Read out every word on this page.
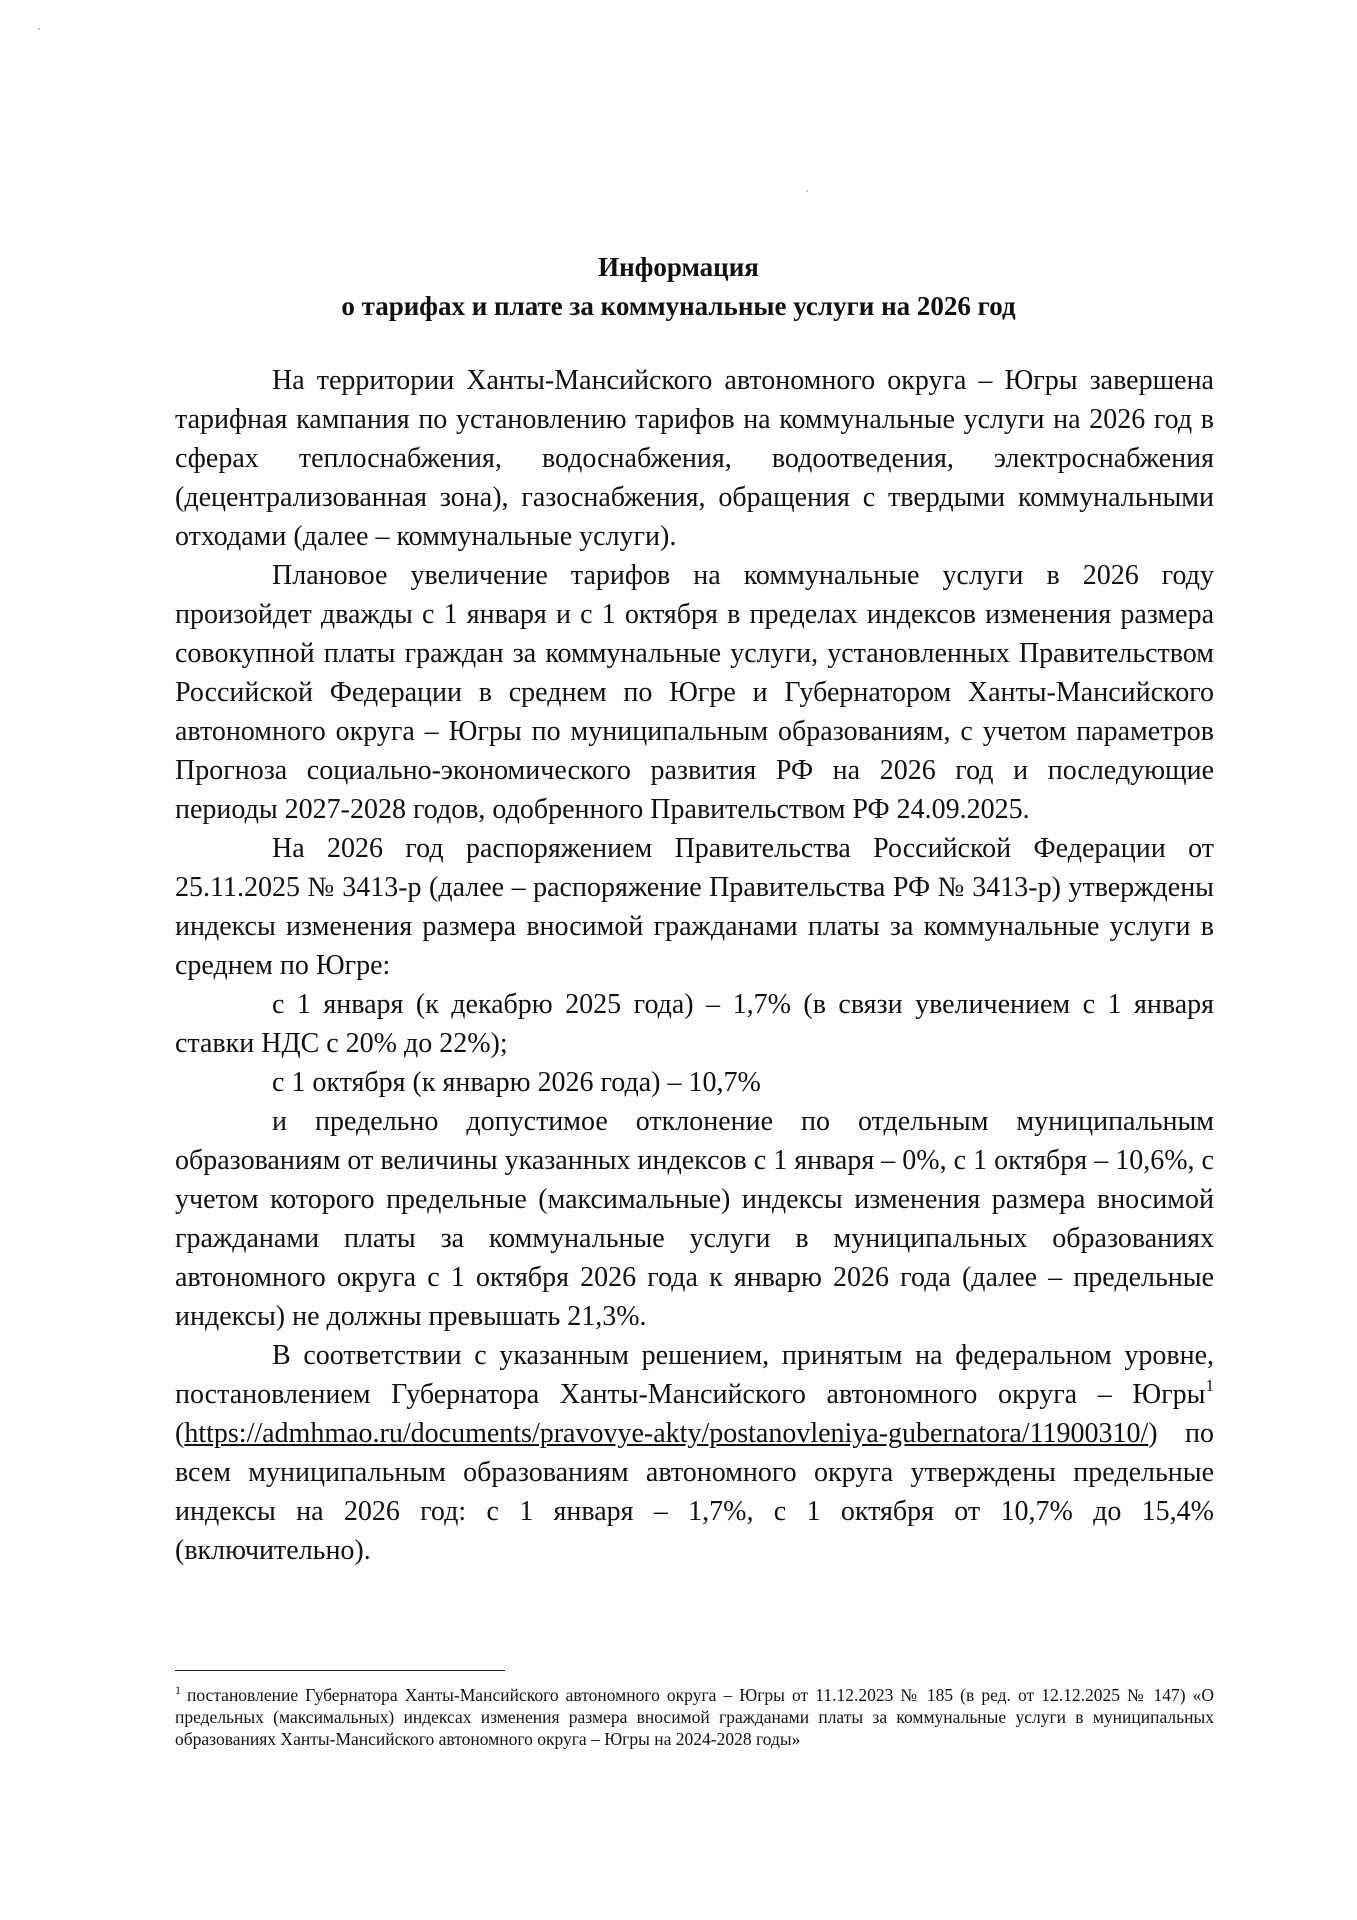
Информация
о тарифах и плате за коммунальные услуги на 2026 год

На территории Ханты-Мансийского автономного округа – Югры завершена тарифная кампания по установлению тарифов на коммунальные услуги на 2026 год в сферах теплоснабжения, водоснабжения, водоотведения, электроснабжения (децентрализованная зона), газоснабжения, обращения с твердыми коммунальными отходами (далее – коммунальные услуги).

Плановое увеличение тарифов на коммунальные услуги в 2026 году произойдет дважды с 1 января и с 1 октября в пределах индексов изменения размера совокупной платы граждан за коммунальные услуги, установленных Правительством Российской Федерации в среднем по Югре и Губернатором Ханты-Мансийского автономного округа – Югры по муниципальным образованиям, с учетом параметров Прогноза социально-экономического развития РФ на 2026 год и последующие периоды 2027-2028 годов, одобренного Правительством РФ 24.09.2025.

На 2026 год распоряжением Правительства Российской Федерации от 25.11.2025 № 3413-р (далее – распоряжение Правительства РФ № 3413-р) утверждены индексы изменения размера вносимой гражданами платы за коммунальные услуги в среднем по Югре:

с 1 января (к декабрю 2025 года) – 1,7% (в связи увеличением с 1 января ставки НДС с 20% до 22%);

с 1 октября (к январю 2026 года) – 10,7%

и предельно допустимое отклонение по отдельным муниципальным образованиям от величины указанных индексов с 1 января – 0%, с 1 октября – 10,6%, с учетом которого предельные (максимальные) индексы изменения размера вносимой гражданами платы за коммунальные услуги в муниципальных образованиях автономного округа с 1 октября 2026 года к январю 2026 года (далее – предельные индексы) не должны превышать 21,3%.

В соответствии с указанным решением, принятым на федеральном уровне, постановлением Губернатора Ханты-Мансийского автономного округа – Югры$^1$ (https://admhmao.ru/documents/pravovye-akty/postanovleniya-gubernatora/11900310/) по всем муниципальным образованиям автономного округа утверждены предельные индексы на 2026 год: с 1 января – 1,7%, с 1 октября от 10,7% до 15,4% (включительно).

$^1$ постановление Губернатора Ханты-Мансийского автономного округа – Югры от 11.12.2023 № 185 (в ред. от 12.12.2025 № 147) «О предельных (максимальных) индексах изменения размера вносимой гражданами платы за коммунальные услуги в муниципальных образованиях Ханты-Мансийского автономного округа – Югры на 2024-2028 годы»
